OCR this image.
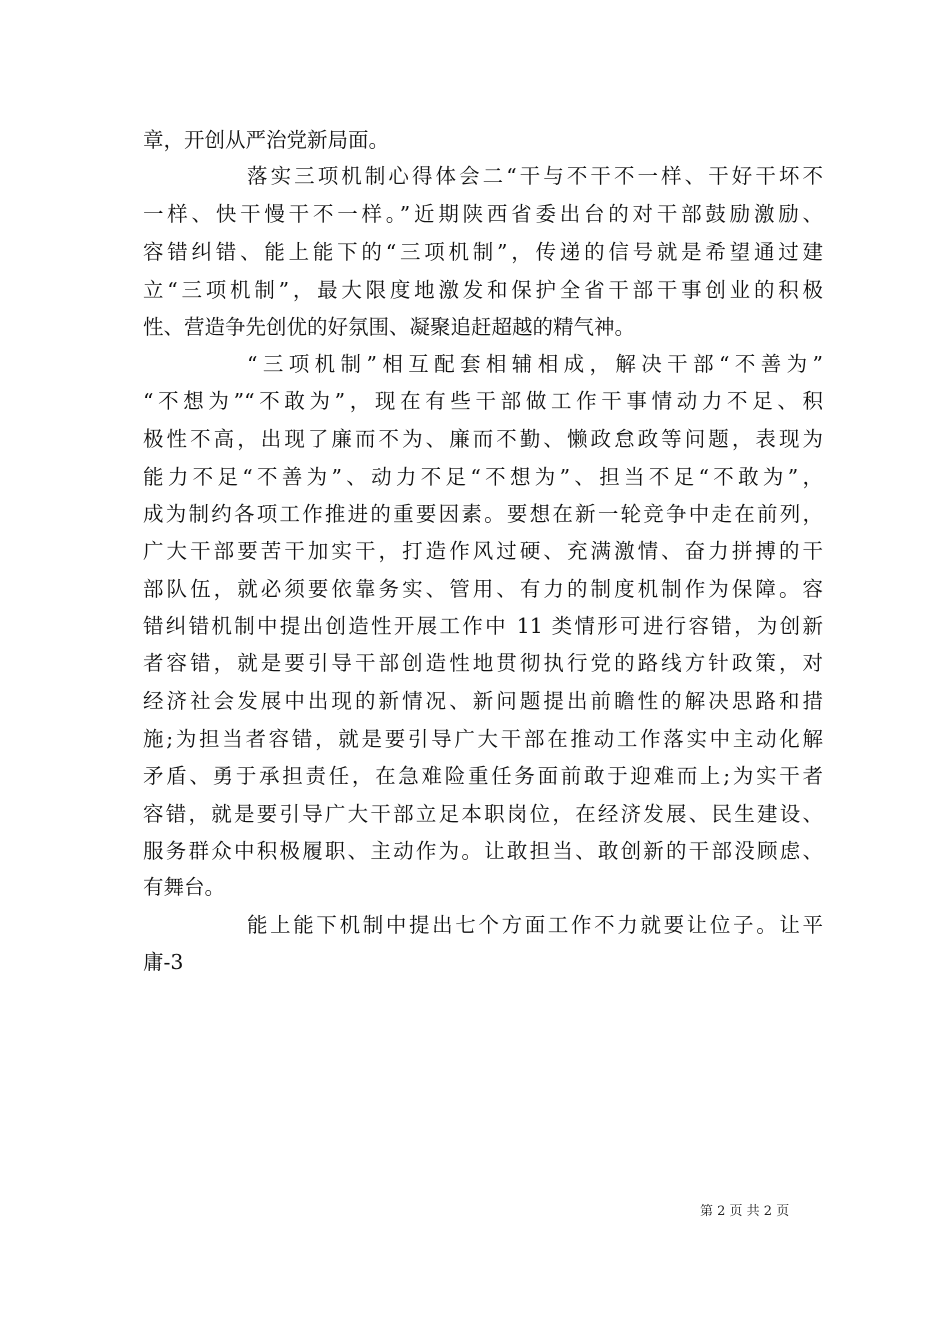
章，开创从严治党新局面。
落实三项机制心得体会二“干与不干不一样、干好干坏不
一样、快干慢干不一样。”近期陕西省委出台的对干部鼓励激励、
容错纠错、能上能下的“三项机制”，传递的信号就是希望通过建
立“三项机制”，最大限度地激发和保护全省干部干事创业的积极
性、营造争先创优的好氛围、凝聚追赶超越的精气神。
“三项机制”相互配套相辅相成，解决干部“不善为”
“不想为”“不敢为”，现在有些干部做工作干事情动力不足、积
极性不高，出现了廉而不为、廉而不勤、懒政怠政等问题，表现为
能力不足“不善为”、动力不足“不想为”、担当不足“不敢为”，
成为制约各项工作推进的重要因素。要想在新一轮竞争中走在前列，
广大干部要苦干加实干，打造作风过硬、充满激情、奋力拼搏的干
部队伍，就必须要依靠务实、管用、有力的制度机制作为保障。容
错纠错机制中提出创造性开展工作中 11 类情形可进行容错，为创新
者容错，就是要引导干部创造性地贯彻执行党的路线方针政策，对
经济社会发展中出现的新情况、新问题提出前瞻性的解决思路和措
施;为担当者容错，就是要引导广大干部在推动工作落实中主动化解
矛盾、勇于承担责任，在急难险重任务面前敢于迎难而上;为实干者
容错，就是要引导广大干部立足本职岗位，在经济发展、民生建设、
服务群众中积极履职、主动作为。让敢担当、敢创新的干部没顾虑、
有舞台。
能上能下机制中提出七个方面工作不力就要让位子。让平
庸-3
第 2 页 共 2 页
